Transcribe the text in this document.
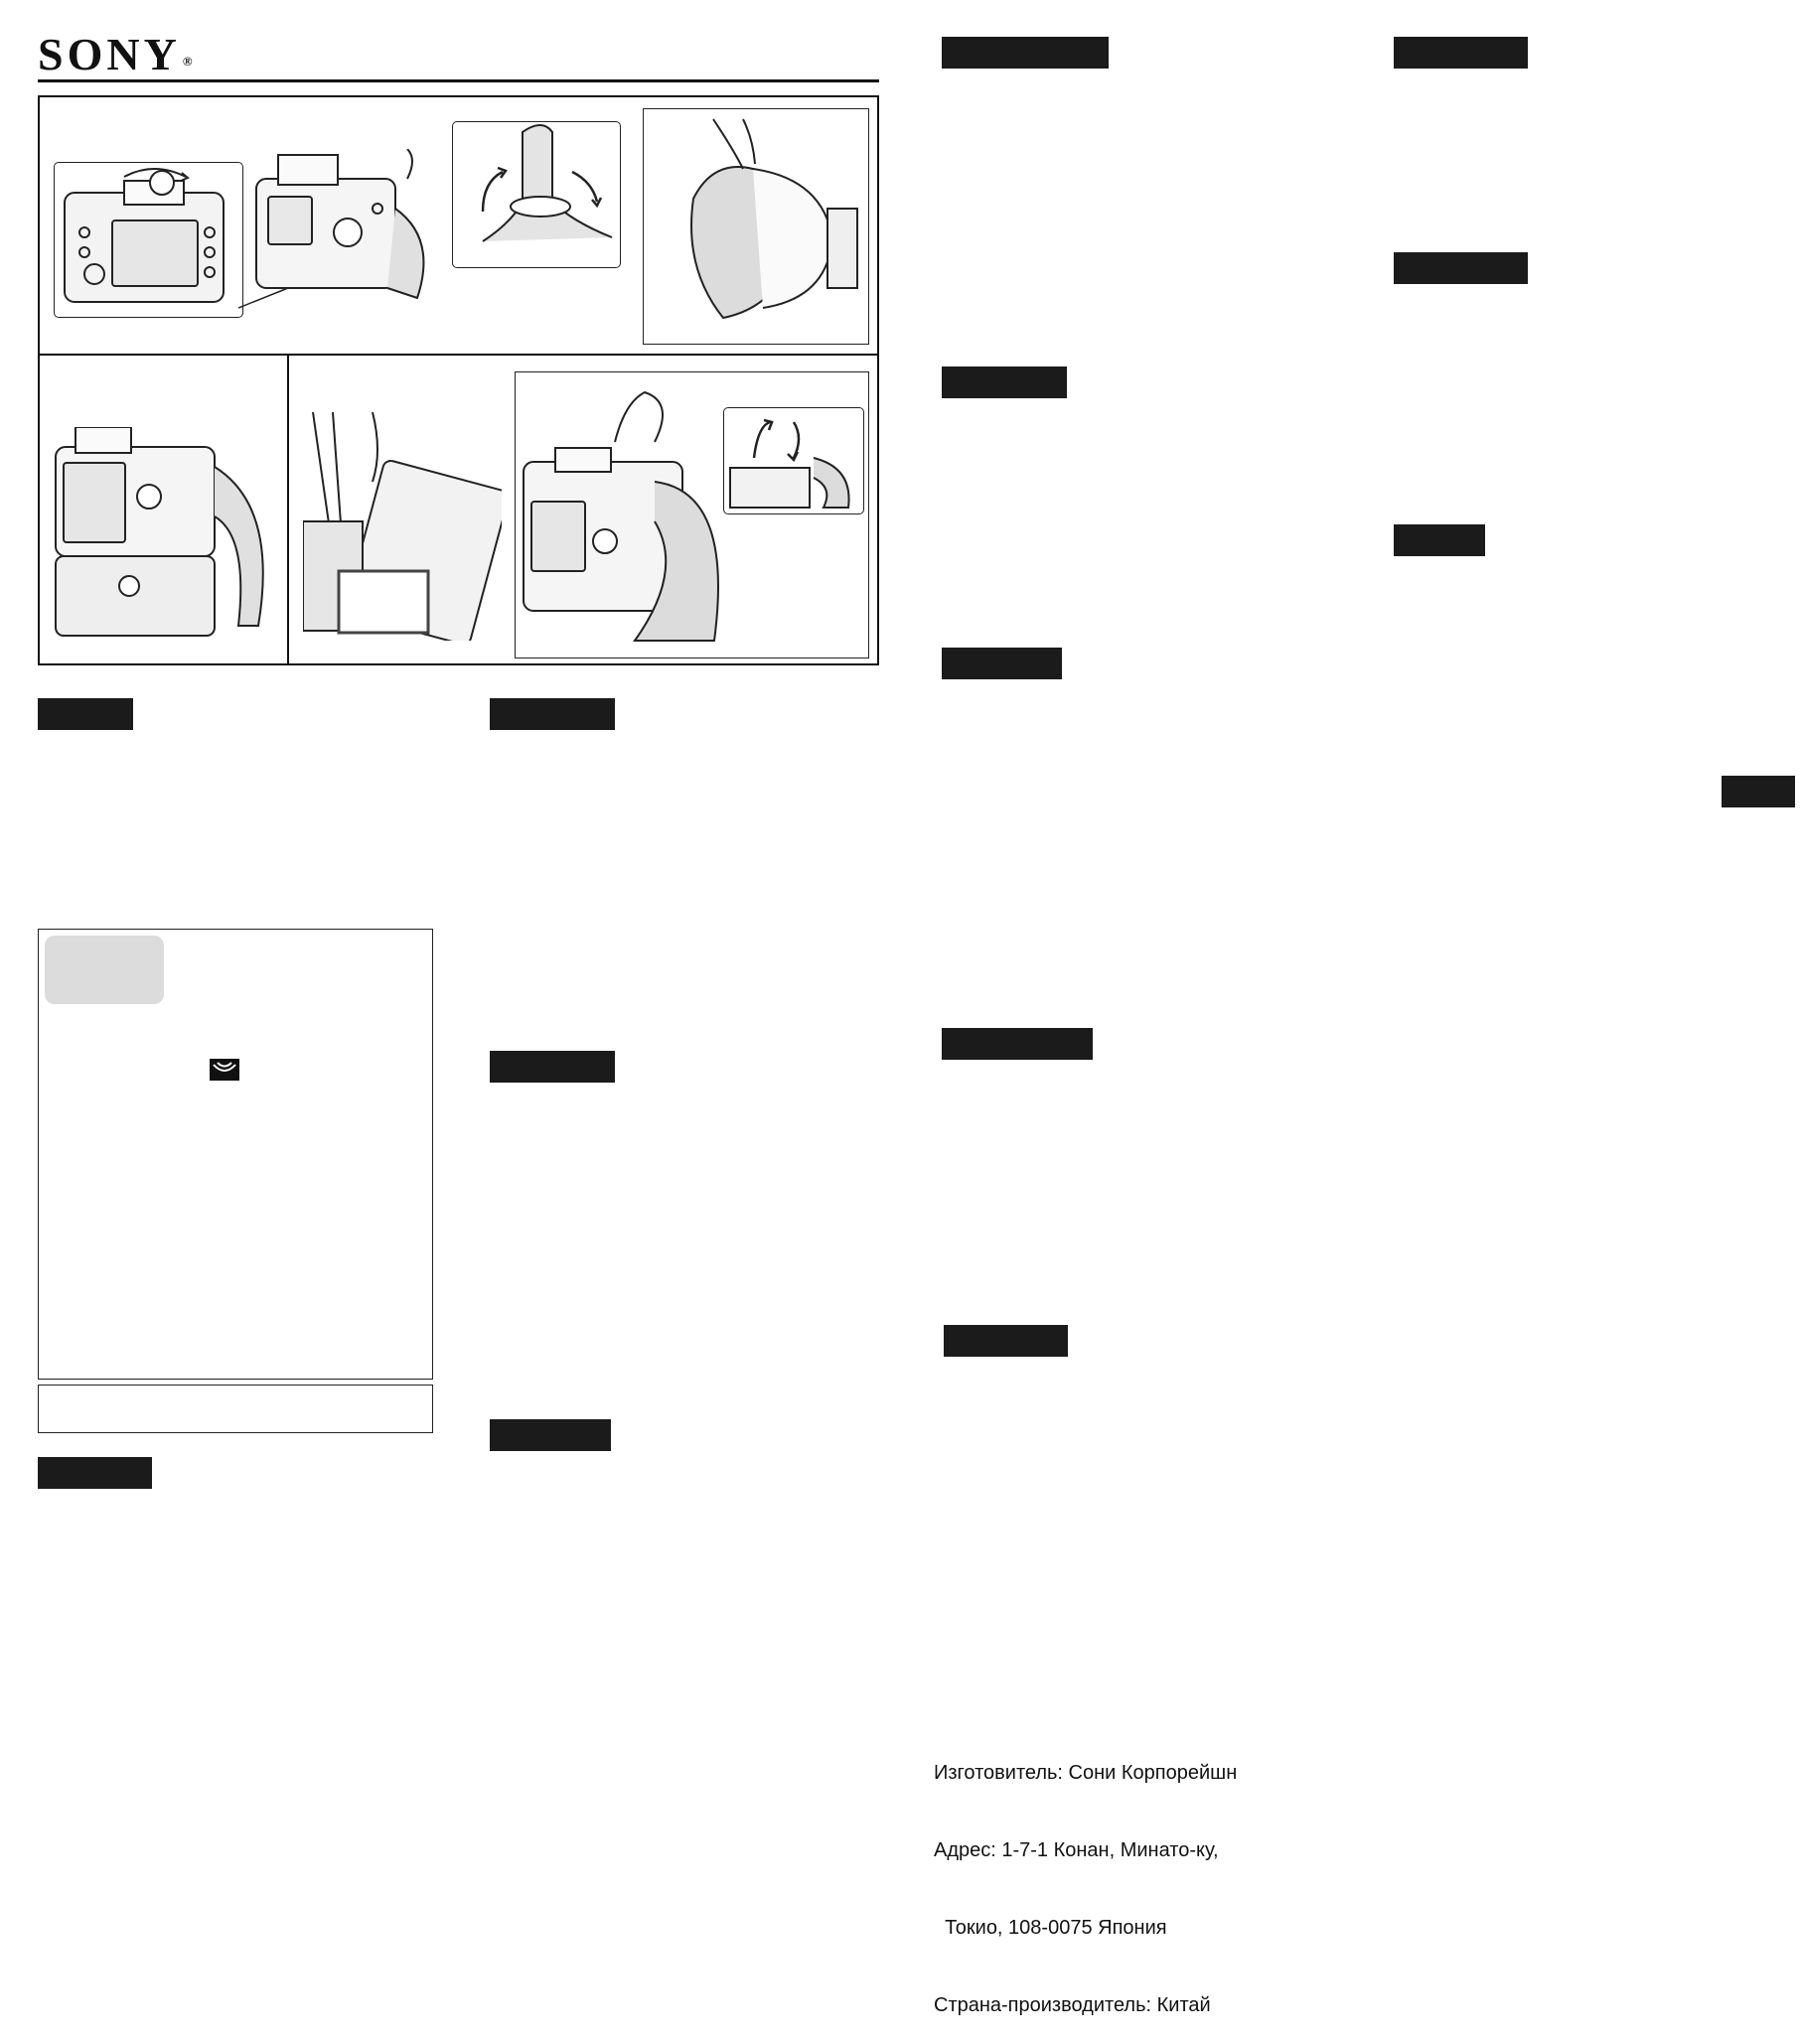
SONY ®

Изготовитель: Сони Корпорейшн

Адрес: 1-7-1 Конан, Минато-ку,

Токио, 108-0075 Япония

Страна-производитель: Китай
